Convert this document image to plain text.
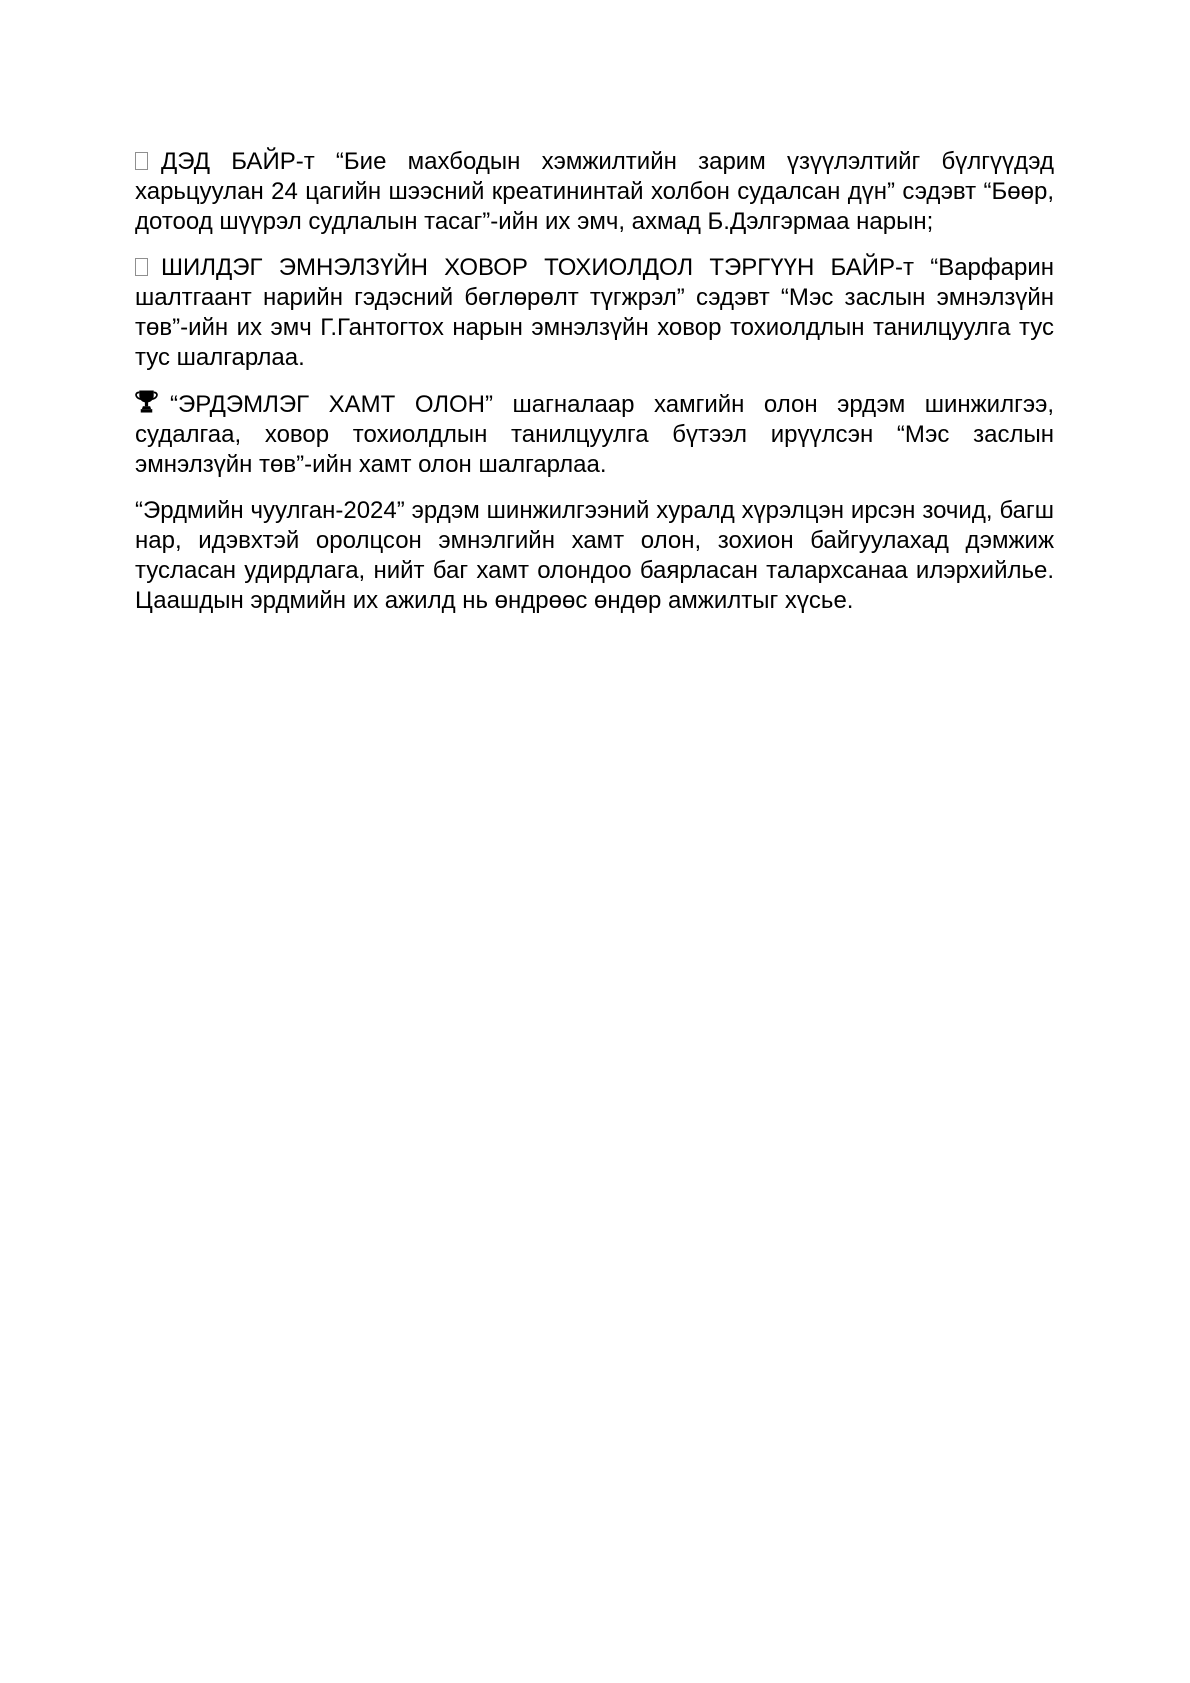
ДЭД БАЙР-т “Бие махбодын хэмжилтийн зарим үзүүлэлтийг бүлгүүдэд харьцуулан 24 цагийн шээсний креатининтай холбон судалсан дүн” сэдэвт “Бөөр, дотоод шүүрэл судлалын тасаг”-ийн их эмч, ахмад Б.Дэлгэрмаа нарын;

ШИЛДЭГ ЭМНЭЛЗҮЙН ХОВОР ТОХИОЛДОЛ ТЭРГҮҮН БАЙР-т “Варфарин шалтгаант нарийн гэдэсний бөглөрөлт түгжрэл” сэдэвт “Мэс заслын эмнэлзүйн төв”-ийн их эмч Г.Гантогтох нарын эмнэлзүйн ховор тохиолдлын танилцуулга тус тус шалгарлаа.

“ЭРДЭМЛЭГ ХАМТ ОЛОН” шагналаар хамгийн олон эрдэм шинжилгээ, судалгаа, ховор тохиолдлын танилцуулга бүтээл ирүүлсэн “Мэс заслын эмнэлзүйн төв”-ийн хамт олон шалгарлаа.

“Эрдмийн чуулган-2024” эрдэм шинжилгээний хуралд хүрэлцэн ирсэн зочид, багш нар, идэвхтэй оролцсон эмнэлгийн хамт олон, зохион байгуулахад дэмжиж тусласан удирдлага, нийт баг хамт олондоо баярласан талархсанаа илэрхийлье. Цаашдын эрдмийн их ажилд нь өндрөөс өндөр амжилтыг хүсье.
